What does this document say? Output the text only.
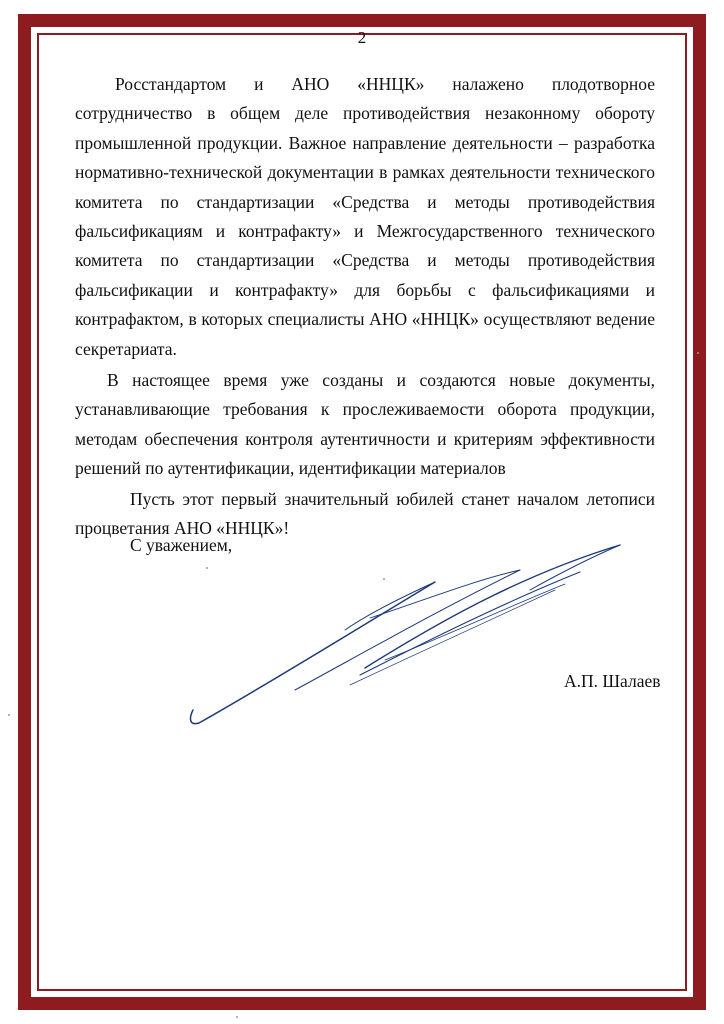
2

Росстандартом и АНО «ННЦК» налажено плодотворное сотрудничество в общем деле противодействия незаконному обороту промышленной продукции. Важное направление деятельности – разработка нормативно-технической документации в рамках деятельности технического комитета по стандартизации «Средства и методы противодействия фальсификациям и контрафакту» и Межгосударственного технического комитета по стандартизации «Средства и методы противодействия фальсификации и контрафакту» для борьбы с фальсификациями и контрафактом, в которых специалисты АНО «ННЦК» осуществляют ведение секретариата.

В настоящее время уже созданы и создаются новые документы, устанавливающие требования к прослеживаемости оборота продукции, методам обеспечения контроля аутентичности и критериям эффективности решений по аутентификации, идентификации материалов

Пусть этот первый значительный юбилей станет началом летописи процветания АНО «ННЦК»!

С уважением,
А.П. Шалаев
